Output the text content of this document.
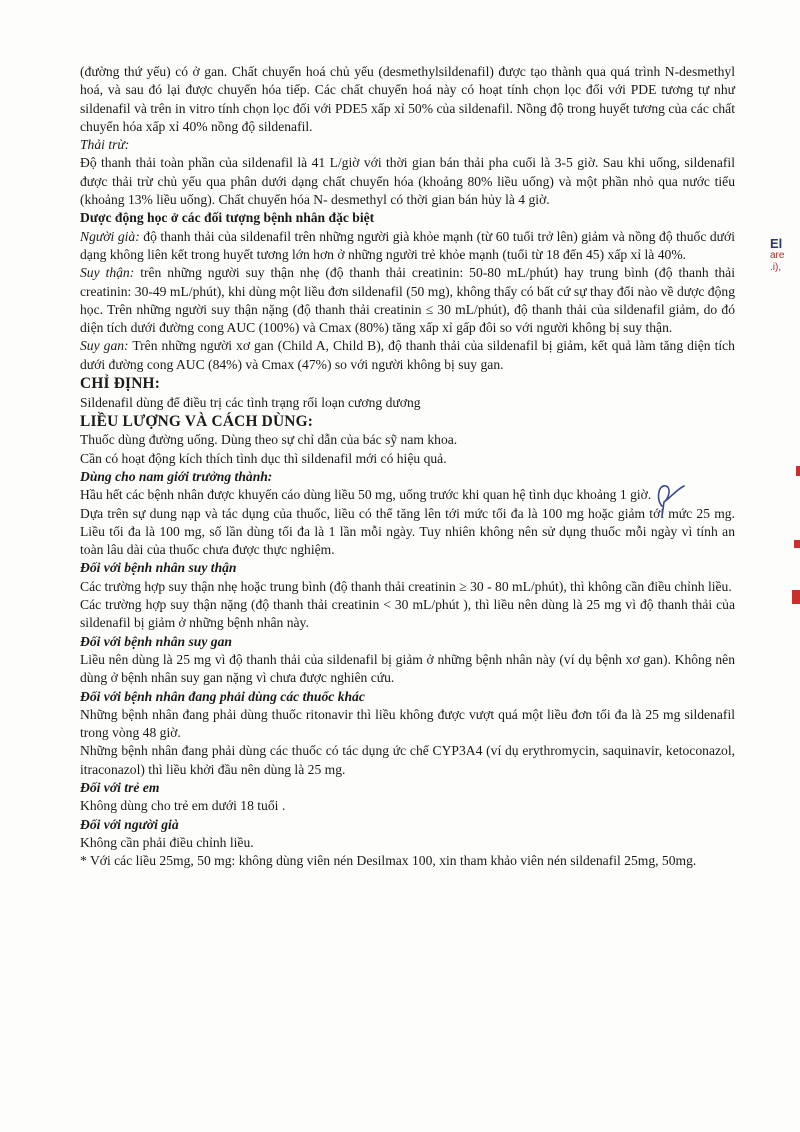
(đường thứ yếu) có ở gan. Chất chuyển hoá chủ yếu (desmethylsildenafil) được tạo thành qua quá trình N-desmethyl hoá, và sau đó lại được chuyển hóa tiếp. Các chất chuyển hoá này có hoạt tính chọn lọc đối với PDE tương tự như sildenafil và trên in vitro tính chọn lọc đối với PDE5 xấp xỉ 50% của sildenafil. Nồng độ trong huyết tương của các chất chuyển hóa xấp xỉ 40% nồng độ sildenafil.

Thải trừ:

Độ thanh thải toàn phần của sildenafil là 41 L/giờ với thời gian bán thải pha cuối là 3-5 giờ. Sau khi uống, sildenafil được thải trừ chủ yếu qua phân dưới dạng chất chuyển hóa (khoảng 80% liều uống) và một phần nhỏ qua nước tiểu (khoảng 13% liều uống). Chất chuyển hóa N- desmethyl có thời gian bán hủy là 4 giờ.

Dược động học ở các đối tượng bệnh nhân đặc biệt

Người già: độ thanh thải của sildenafil trên những người già khỏe mạnh (từ 60 tuổi trở lên) giảm và nồng độ thuốc dưới dạng không liên kết trong huyết tương lớn hơn ở những người trẻ khỏe mạnh (tuổi từ 18 đến 45) xấp xỉ là 40%.

Suy thận: trên những người suy thận nhẹ (độ thanh thải creatinin: 50-80 mL/phút) hay trung bình (độ thanh thải creatinin: 30-49 mL/phút), khi dùng một liều đơn sildenafil (50 mg), không thấy có bất cứ sự thay đổi nào về dược động học. Trên những người suy thận nặng (độ thanh thải creatinin ≤ 30 mL/phút), độ thanh thải của sildenafil giảm, do đó diện tích dưới đường cong AUC (100%) và Cmax (80%) tăng xấp xỉ gấp đôi so với người không bị suy thận.

Suy gan: Trên những người xơ gan (Child A, Child B), độ thanh thải của sildenafil bị giảm, kết quả làm tăng diện tích dưới đường cong AUC (84%) và Cmax (47%) so với người không bị suy gan.

CHỈ ĐỊNH:

Sildenafil dùng để điều trị các tình trạng rối loạn cương dương

LIỀU LƯỢNG VÀ CÁCH DÙNG:

Thuốc dùng đường uống. Dùng theo sự chỉ dẫn của bác sỹ nam khoa.

Cần có hoạt động kích thích tình dục thì sildenafil mới có hiệu quả.

Dùng cho nam giới trưởng thành:

Hầu hết các bệnh nhân được khuyến cáo dùng liều 50 mg, uống trước khi quan hệ tình dục khoảng 1 giờ.

Dựa trên sự dung nạp và tác dụng của thuốc, liều có thể tăng lên tới mức tối đa là 100 mg hoặc giảm tới mức 25 mg. Liều tối đa là 100 mg, số lần dùng tối đa là 1 lần mỗi ngày. Tuy nhiên không nên sử dụng thuốc mỗi ngày vì tính an toàn lâu dài của thuốc chưa được thực nghiệm.

Đối với bệnh nhân suy thận

Các trường hợp suy thận nhẹ hoặc trung bình (độ thanh thải creatinin ≥ 30 - 80 mL/phút), thì không cần điều chỉnh liều.

Các trường hợp suy thận nặng (độ thanh thải creatinin < 30 mL/phút ), thì liều nên dùng là 25 mg vì độ thanh thải của sildenafil bị giảm ở những bệnh nhân này.

Đối với bệnh nhân suy gan

Liều nên dùng là 25 mg vì độ thanh thải của sildenafil bị giảm ở những bệnh nhân này (ví dụ bệnh xơ gan). Không nên dùng ở bệnh nhân suy gan nặng vì chưa được nghiên cứu.

Đối với bệnh nhân đang phải dùng các thuốc khác

Những bệnh nhân đang phải dùng thuốc ritonavir thì liều không được vượt quá một liều đơn tối đa là 25 mg sildenafil trong vòng 48 giờ.

Những bệnh nhân đang phải dùng các thuốc có tác dụng ức chế CYP3A4 (ví dụ erythromycin, saquinavir, ketoconazol, itraconazol) thì liều khởi đầu nên dùng là 25 mg.

Đối với trẻ em

Không dùng cho trẻ em dưới 18 tuổi .

Đối với người già

Không cần phải điều chỉnh liều.

* Với các liều 25mg, 50 mg: không dùng viên nén Desilmax 100, xin tham khảo viên nén sildenafil 25mg, 50mg.

El
are
.i),
